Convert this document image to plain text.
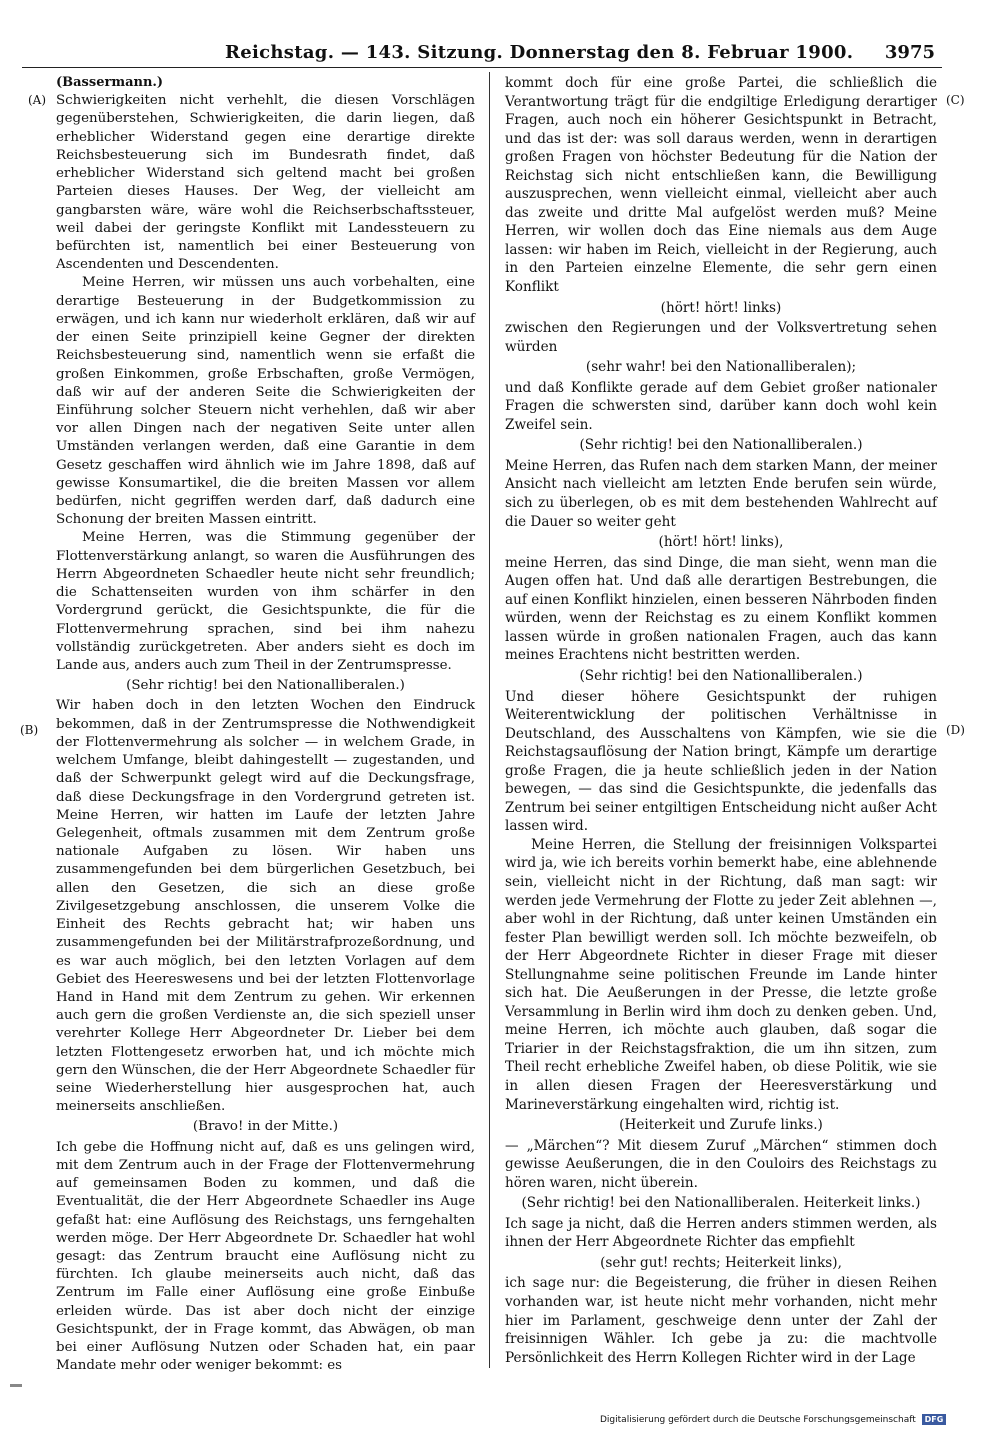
Reichstag. — 143. Sitzung. Donnerstag den 8. Februar 1900. 3975
(A)
(B)
(C)
(D)

(Bassermann.)

Schwierigkeiten nicht verhehlt, die diesen Vorschlägen gegenüberstehen, Schwierigkeiten, die darin liegen, daß erheblicher Widerstand gegen eine derartige direkte Reichsbesteuerung sich im Bundesrath findet, daß erheblicher Widerstand sich geltend macht bei großen Parteien dieses Hauses. Der Weg, der vielleicht am gangbarsten wäre, wäre wohl die Reichserbschaftssteuer, weil dabei der geringste Konflikt mit Landessteuern zu befürchten ist, namentlich bei einer Besteuerung von Ascendenten und Descendenten.

Meine Herren, wir müssen uns auch vorbehalten, eine derartige Besteuerung in der Budgetkommission zu erwägen, und ich kann nur wiederholt erklären, daß wir auf der einen Seite prinzipiell keine Gegner der direkten Reichsbesteuerung sind, namentlich wenn sie erfaßt die großen Einkommen, große Erbschaften, große Vermögen, daß wir auf der anderen Seite die Schwierigkeiten der Einführung solcher Steuern nicht verhehlen, daß wir aber vor allen Dingen nach der negativen Seite unter allen Umständen verlangen werden, daß eine Garantie in dem Gesetz geschaffen wird ähnlich wie im Jahre 1898, daß auf gewisse Konsumartikel, die die breiten Massen vor allem bedürfen, nicht gegriffen werden darf, daß dadurch eine Schonung der breiten Massen eintritt.

Meine Herren, was die Stimmung gegenüber der Flottenverstärkung anlangt, so waren die Ausführungen des Herrn Abgeordneten Schaedler heute nicht sehr freundlich; die Schattenseiten wurden von ihm schärfer in den Vordergrund gerückt, die Gesichtspunkte, die für die Flottenvermehrung sprachen, sind bei ihm nahezu vollständig zurückgetreten. Aber anders sieht es doch im Lande aus, anders auch zum Theil in der Zentrumspresse.

(Sehr richtig! bei den Nationalliberalen.)

Wir haben doch in den letzten Wochen den Eindruck bekommen, daß in der Zentrumspresse die Nothwendigkeit der Flottenvermehrung als solcher — in welchem Grade, in welchem Umfange, bleibt dahingestellt — zugestanden, und daß der Schwerpunkt gelegt wird auf die Deckungsfrage, daß diese Deckungsfrage in den Vordergrund getreten ist. Meine Herren, wir hatten im Laufe der letzten Jahre Gelegenheit, oftmals zusammen mit dem Zentrum große nationale Aufgaben zu lösen. Wir haben uns zusammengefunden bei dem bürgerlichen Gesetzbuch, bei allen den Gesetzen, die sich an diese große Zivilgesetzgebung anschlossen, die unserem Volke die Einheit des Rechts gebracht hat; wir haben uns zusammengefunden bei der Militärstrafprozeßordnung, und es war auch möglich, bei den letzten Vorlagen auf dem Gebiet des Heereswesens und bei der letzten Flottenvorlage Hand in Hand mit dem Zentrum zu gehen. Wir erkennen auch gern die großen Verdienste an, die sich speziell unser verehrter Kollege Herr Abgeordneter Dr. Lieber bei dem letzten Flottengesetz erworben hat, und ich möchte mich gern den Wünschen, die der Herr Abgeordnete Schaedler für seine Wiederherstellung hier ausgesprochen hat, auch meinerseits anschließen.

(Bravo! in der Mitte.)

Ich gebe die Hoffnung nicht auf, daß es uns gelingen wird, mit dem Zentrum auch in der Frage der Flottenvermehrung auf gemeinsamen Boden zu kommen, und daß die Eventualität, die der Herr Abgeordnete Schaedler ins Auge gefaßt hat: eine Auflösung des Reichstags, uns ferngehalten werden möge. Der Herr Abgeordnete Dr. Schaedler hat wohl gesagt: das Zentrum braucht eine Auflösung nicht zu fürchten. Ich glaube meinerseits auch nicht, daß das Zentrum im Falle einer Auflösung eine große Einbuße erleiden würde. Das ist aber doch nicht der einzige Gesichtspunkt, der in Frage kommt, das Abwägen, ob man bei einer Auflösung Nutzen oder Schaden hat, ein paar Mandate mehr oder weniger bekommt: es

kommt doch für eine große Partei, die schließlich die Verantwortung trägt für die endgiltige Erledigung derartiger Fragen, auch noch ein höherer Gesichtspunkt in Betracht, und das ist der: was soll daraus werden, wenn in derartigen großen Fragen von höchster Bedeutung für die Nation der Reichstag sich nicht entschließen kann, die Bewilligung auszusprechen, wenn vielleicht einmal, vielleicht aber auch das zweite und dritte Mal aufgelöst werden muß? Meine Herren, wir wollen doch das Eine niemals aus dem Auge lassen: wir haben im Reich, vielleicht in der Regierung, auch in den Parteien einzelne Elemente, die sehr gern einen Konflikt

(hört! hört! links)

zwischen den Regierungen und der Volksvertretung sehen würden

(sehr wahr! bei den Nationalliberalen);

und daß Konflikte gerade auf dem Gebiet großer nationaler Fragen die schwersten sind, darüber kann doch wohl kein Zweifel sein.

(Sehr richtig! bei den Nationalliberalen.)

Meine Herren, das Rufen nach dem starken Mann, der meiner Ansicht nach vielleicht am letzten Ende berufen sein würde, sich zu überlegen, ob es mit dem bestehenden Wahlrecht auf die Dauer so weiter geht

(hört! hört! links),

meine Herren, das sind Dinge, die man sieht, wenn man die Augen offen hat. Und daß alle derartigen Bestrebungen, die auf einen Konflikt hinzielen, einen besseren Nährboden finden würden, wenn der Reichstag es zu einem Konflikt kommen lassen würde in großen nationalen Fragen, auch das kann meines Erachtens nicht bestritten werden.

(Sehr richtig! bei den Nationalliberalen.)

Und dieser höhere Gesichtspunkt der ruhigen Weiterentwicklung der politischen Verhältnisse in Deutschland, des Ausschaltens von Kämpfen, wie sie die Reichstagsauflösung der Nation bringt, Kämpfe um derartige große Fragen, die ja heute schließlich jeden in der Nation bewegen, — das sind die Gesichtspunkte, die jedenfalls das Zentrum bei seiner entgiltigen Entscheidung nicht außer Acht lassen wird.

Meine Herren, die Stellung der freisinnigen Volkspartei wird ja, wie ich bereits vorhin bemerkt habe, eine ablehnende sein, vielleicht nicht in der Richtung, daß man sagt: wir werden jede Vermehrung der Flotte zu jeder Zeit ablehnen —, aber wohl in der Richtung, daß unter keinen Umständen ein fester Plan bewilligt werden soll. Ich möchte bezweifeln, ob der Herr Abgeordnete Richter in dieser Frage mit dieser Stellungnahme seine politischen Freunde im Lande hinter sich hat. Die Aeußerungen in der Presse, die letzte große Versammlung in Berlin wird ihm doch zu denken geben. Und, meine Herren, ich möchte auch glauben, daß sogar die Triarier in der Reichstagsfraktion, die um ihn sitzen, zum Theil recht erhebliche Zweifel haben, ob diese Politik, wie sie in allen diesen Fragen der Heeresverstärkung und Marineverstärkung eingehalten wird, richtig ist.

(Heiterkeit und Zurufe links.)

— „Märchen“? Mit diesem Zuruf „Märchen“ stimmen doch gewisse Aeußerungen, die in den Couloirs des Reichstags zu hören waren, nicht überein.

(Sehr richtig! bei den Nationalliberalen. Heiterkeit links.)

Ich sage ja nicht, daß die Herren anders stimmen werden, als ihnen der Herr Abgeordnete Richter das empfiehlt

(sehr gut! rechts; Heiterkeit links),

ich sage nur: die Begeisterung, die früher in diesen Reihen vorhanden war, ist heute nicht mehr vorhanden, nicht mehr hier im Parlament, geschweige denn unter der Zahl der freisinnigen Wähler. Ich gebe ja zu: die machtvolle Persönlichkeit des Herrn Kollegen Richter wird in der Lage

Digitalisierung gefördert durch die Deutsche Forschungsgemeinschaft DFG
